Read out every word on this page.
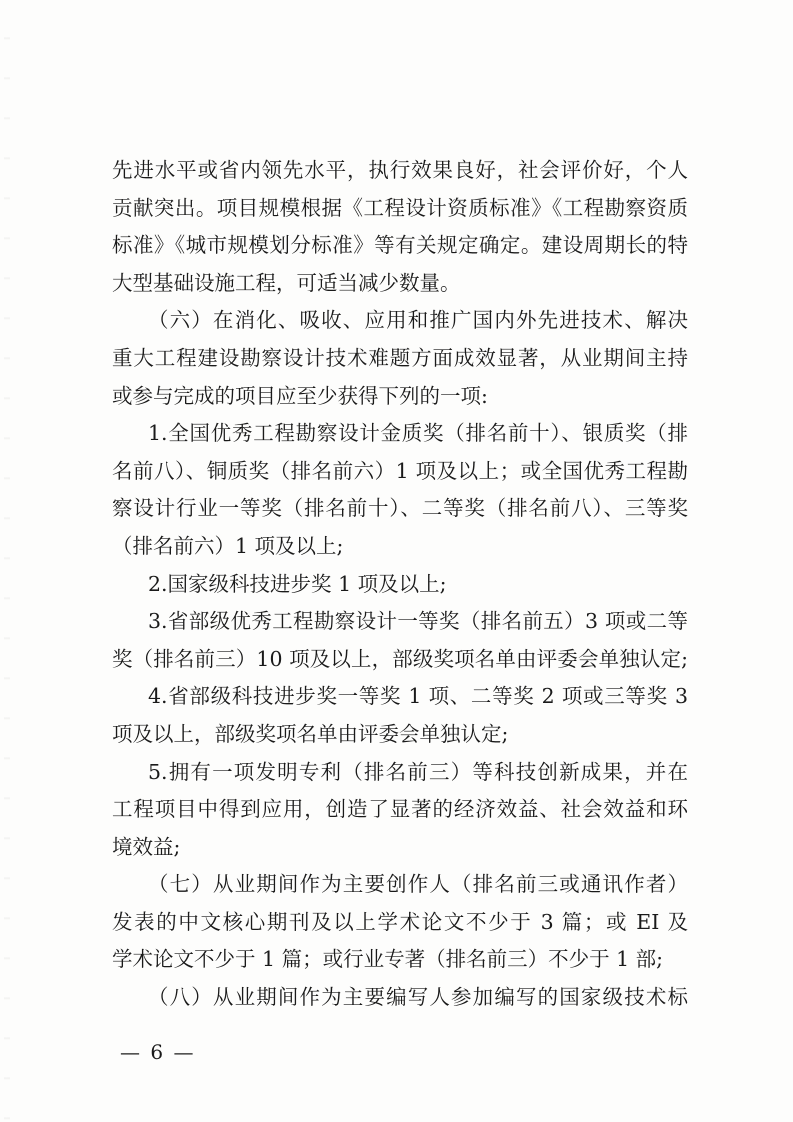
先进水平或省内领先水平，执行效果良好，社会评价好，个人
贡献突出。项目规模根据《工程设计资质标准》《工程勘察资质
标准》《城市规模划分标准》等有关规定确定。建设周期长的特
大型基础设施工程，可适当减少数量。
（六）在消化、吸收、应用和推广国内外先进技术、解决
重大工程建设勘察设计技术难题方面成效显著，从业期间主持
或参与完成的项目应至少获得下列的一项:
1.全国优秀工程勘察设计金质奖（排名前十）、银质奖（排
名前八）、铜质奖（排名前六）1 项及以上；或全国优秀工程勘
察设计行业一等奖（排名前十）、二等奖（排名前八）、三等奖
（排名前六）1 项及以上;
2.国家级科技进步奖 1 项及以上;
3.省部级优秀工程勘察设计一等奖（排名前五）3 项或二等
奖（排名前三）10 项及以上，部级奖项名单由评委会单独认定;
4.省部级科技进步奖一等奖 1 项、二等奖 2 项或三等奖 3
项及以上，部级奖项名单由评委会单独认定;
5.拥有一项发明专利（排名前三）等科技创新成果，并在
工程项目中得到应用，创造了显著的经济效益、社会效益和环
境效益;
（七）从业期间作为主要创作人（排名前三或通讯作者）
发表的中文核心期刊及以上学术论文不少于 3 篇；或 EI 及
学术论文不少于 1 篇；或行业专著（排名前三）不少于 1 部;
（八）从业期间作为主要编写人参加编写的国家级技术标
— 6 —
